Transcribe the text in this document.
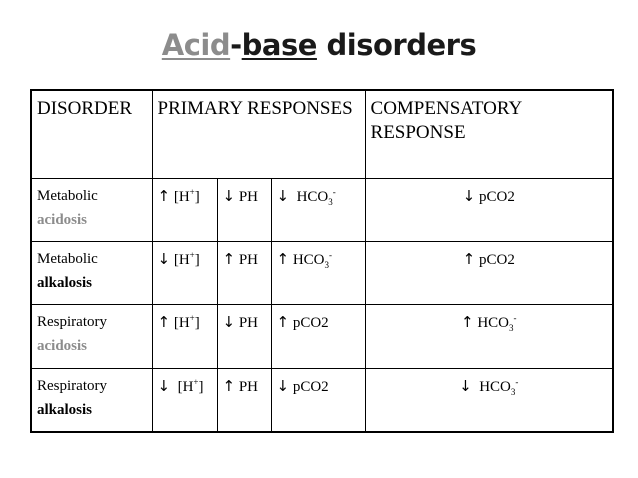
Acid-base disorders
DISORDER	PRIMARY RESPONSES			COMPENSATORY RESPONSE
Metabolic
acidosis	↑ [H+]	↓ PH	↓ $HCO_3^-$	↓ pCO2
Metabolic
alkalosis	↓ [H+]	↑ PH	↑ $HCO_3^-$	↑ pCO2
Respiratory
acidosis	↑ [H+]	↓ PH	↑ pCO2	↑ $HCO_3^-$
Respiratory
alkalosis	↓  [H+]	↑ PH	↓ pCO2	↓ $HCO_3^-$
